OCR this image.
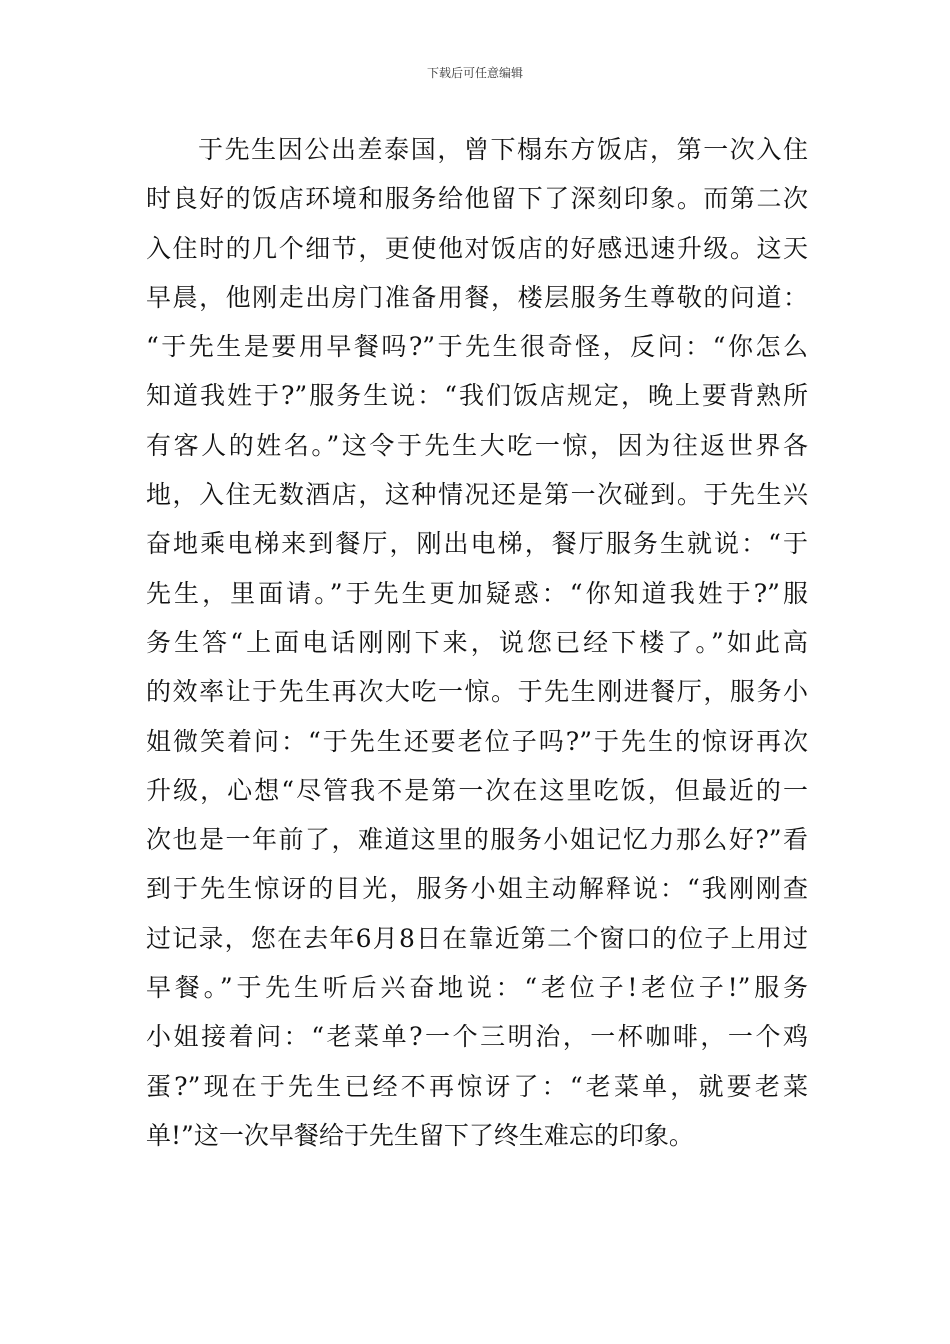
下载后可任意编辑
于先生因公出差泰国，曾下榻东方饭店，第一次入住
时良好的饭店环境和服务给他留下了深刻印象。而第二次
入住时的几个细节，更使他对饭店的好感迅速升级。这天
早晨，他刚走出房门准备用餐，楼层服务生尊敬的问道：
“于先生是要用早餐吗?”于先生很奇怪，反问：“你怎么
知道我姓于?”服务生说：“我们饭店规定，晚上要背熟所
有客人的姓名。”这令于先生大吃一惊，因为往返世界各
地，入住无数酒店，这种情况还是第一次碰到。于先生兴
奋地乘电梯来到餐厅，刚出电梯，餐厅服务生就说：“于
先生，里面请。”于先生更加疑惑：“你知道我姓于?”服
务生答“上面电话刚刚下来，说您已经下楼了。”如此高
的效率让于先生再次大吃一惊。于先生刚进餐厅，服务小
姐微笑着问：“于先生还要老位子吗?”于先生的惊讶再次
升级，心想“尽管我不是第一次在这里吃饭，但最近的一
次也是一年前了，难道这里的服务小姐记忆力那么好?”看
到于先生惊讶的目光，服务小姐主动解释说：“我刚刚查
过记录，您在去年6月8日在靠近第二个窗口的位子上用过
早餐。”于先生听后兴奋地说：“老位子!老位子!”服务
小姐接着问：“老菜单?一个三明治，一杯咖啡，一个鸡
蛋?”现在于先生已经不再惊讶了：“老菜单，就要老菜
单!”这一次早餐给于先生留下了终生难忘的印象。
